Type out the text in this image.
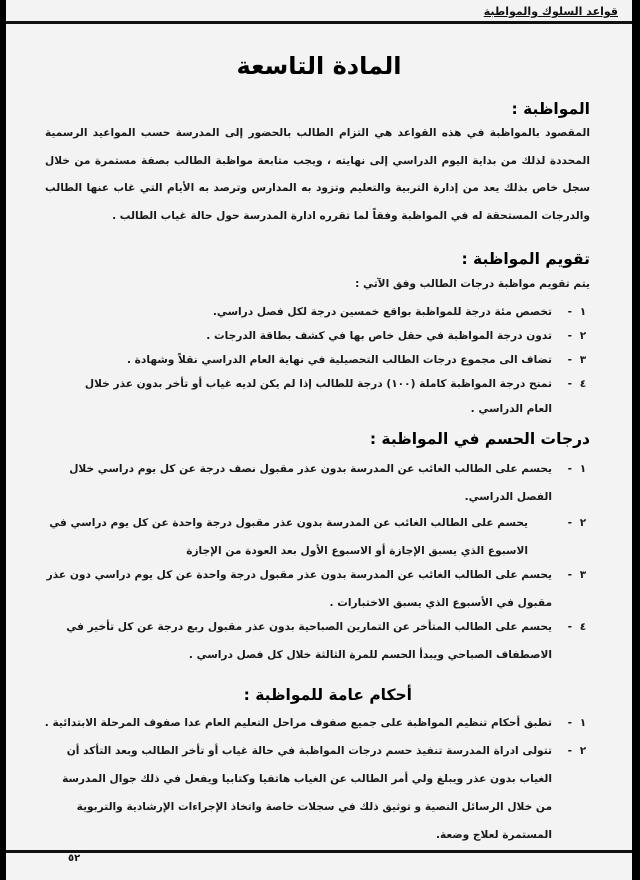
قواعد السلوك والمواطبة
المادة التاسعة
المواظبة :
المقصود بالمواظبة في هذه القواعد هي التزام الطالب بالحضور إلى المدرسة حسب المواعيد الرسمية المحددة لذلك من بداية اليوم الدراسي إلى نهايته ، ويجب متابعة مواظبة الطالب بصفة مستمرة من خلال سجل خاص بذلك يعد من إدارة التربية والتعليم وتزود به المدارس وترصد به الأيام التي غاب عنها الطالب والدرجات المستحقة له في المواظبة وفقاً لما تقرره ادارة المدرسة حول حالة غياب الطالب .
تقويم المواظبة :
يتم تقويم مواظبة درجات الطالب وفق الآتي :
١
-
تخصص مئة درجة للمواظبة بواقع خمسين درجة لكل فصل دراسي.
٢
-
تدون درجة المواظبة في حقل خاص بها في كشف بطاقة الدرجات .
٣
-
تضاف الى مجموع درجات الطالب التحصيلية في نهاية العام الدراسي نقلاً وشهادة .
٤
-
تمنح درجة المواظبة كاملة (١٠٠) درجة للطالب إذا لم يكن لديه غياب أو تأخر بدون عذر خلال العام الدراسي .
درجات الحسم في المواظبة :
١
-
يحسم على الطالب الغائب عن المدرسة بدون عذر مقبول نصف درجة عن كل يوم دراسي خلال الفصل الدراسي.
٢
-
يحسم على الطالب الغائب عن المدرسة بدون عذر مقبول درجة واحدة عن كل يوم دراسي في الاسبوع الذي يسبق الإجازة أو الاسبوع الأول بعد العودة من الإجازة
٣
-
يحسم على الطالب الغائب عن المدرسة بدون عذر مقبول درجة واحدة عن كل يوم دراسي دون عذر مقبول في الأسبوع الذي يسبق الاختبارات .
٤
-
يحسم على الطالب المتأخر عن التمارين الصباحية بدون عذر مقبول ربع درجة عن كل تأخير في الاصطفاف الصباحي ويبدأ الحسم للمرة الثالثة خلال كل فصل دراسي .
أحكام عامة للمواظبة :
١
-
تطبق أحكام تنظيم المواظبة على جميع صفوف مراحل التعليم العام عدا صفوف المرحلة الابتدائية .
٢
-
تتولى ادراة المدرسة تنفيذ حسم درجات المواظبة في حالة غياب أو تأخر الطالب وبعد التأكد أن الغياب بدون عذر ويبلغ ولي أمر الطالب عن الغياب هاتفيا وكتابيا ويفعل في ذلك جوال المدرسة من خلال الرسائل النصية و توثيق ذلك في سجلات خاصة واتخاذ الإجراءات الإرشادية والتربوية المستمرة لعلاج وضعة.
٥٢
